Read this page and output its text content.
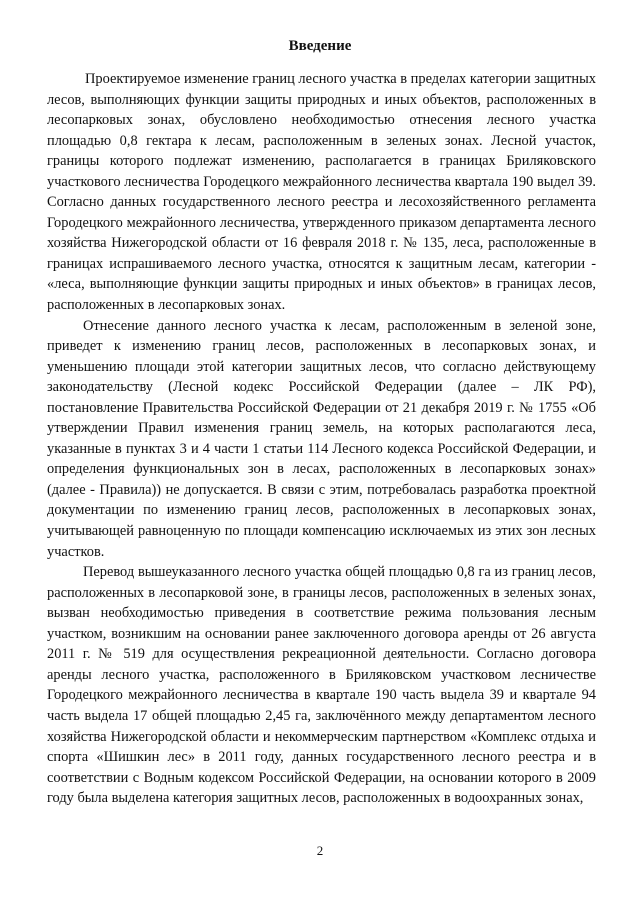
Введение

Проектируемое изменение границ лесного участка в пределах категории защитных лесов, выполняющих функции защиты природных и иных объектов, расположенных в лесопарковых зонах, обусловлено необходимостью отнесения лесного участка площадью 0,8 гектара к лесам, расположенным в зеленых зонах. Лесной участок, границы которого подлежат изменению, располагается в границах Бриляковского участкового лесничества Городецкого межрайонного лесничества квартала 190 выдел 39. Согласно данных государственного лесного реестра и лесохозяйственного регламента Городецкого межрайонного лесничества, утвержденного приказом департамента лесного хозяйства Нижегородской области от 16 февраля 2018 г. № 135, леса, расположенные в границах испрашиваемого лесного участка, относятся к защитным лесам, категории - «леса, выполняющие функции защиты природных и иных объектов» в границах лесов, расположенных в лесопарковых зонах.

Отнесение данного лесного участка к лесам, расположенным в зеленой зоне, приведет к изменению границ лесов, расположенных в лесопарковых зонах, и уменьшению площади этой категории защитных лесов, что согласно действующему законодательству (Лесной кодекс Российской Федерации (далее – ЛК РФ), постановление Правительства Российской Федерации от 21 декабря 2019 г. № 1755 «Об утверждении Правил изменения границ земель, на которых располагаются леса, указанные в пунктах 3 и 4 части 1 статьи 114 Лесного кодекса Российской Федерации, и определения функциональных зон в лесах, расположенных в лесопарковых зонах» (далее - Правила)) не допускается. В связи с этим, потребовалась разработка проектной документации по изменению границ лесов, расположенных в лесопарковых зонах, учитывающей равноценную по площади компенсацию исключаемых из этих зон лесных участков.

Перевод вышеуказанного лесного участка общей площадью 0,8 га из границ лесов, расположенных в лесопарковой зоне, в границы лесов, расположенных в зеленых зонах, вызван необходимостью приведения в соответствие режима пользования лесным участком, возникшим на основании ранее заключенного договора аренды от 26 августа 2011 г. № 519 для осуществления рекреационной деятельности. Согласно договора аренды лесного участка, расположенного в Бриляковском участковом лесничестве Городецкого межрайонного лесничества в квартале 190 часть выдела 39 и квартале 94 часть выдела 17 общей площадью 2,45 га, заключённого между департаментом лесного хозяйства Нижегородской области и некоммерческим партнерством «Комплекс отдыха и спорта «Шишкин лес» в 2011 году, данных государственного лесного реестра и в соответствии с Водным кодексом Российской Федерации, на основании которого в 2009 году была выделена категория защитных лесов, расположенных в водоохранных зонах,

2
